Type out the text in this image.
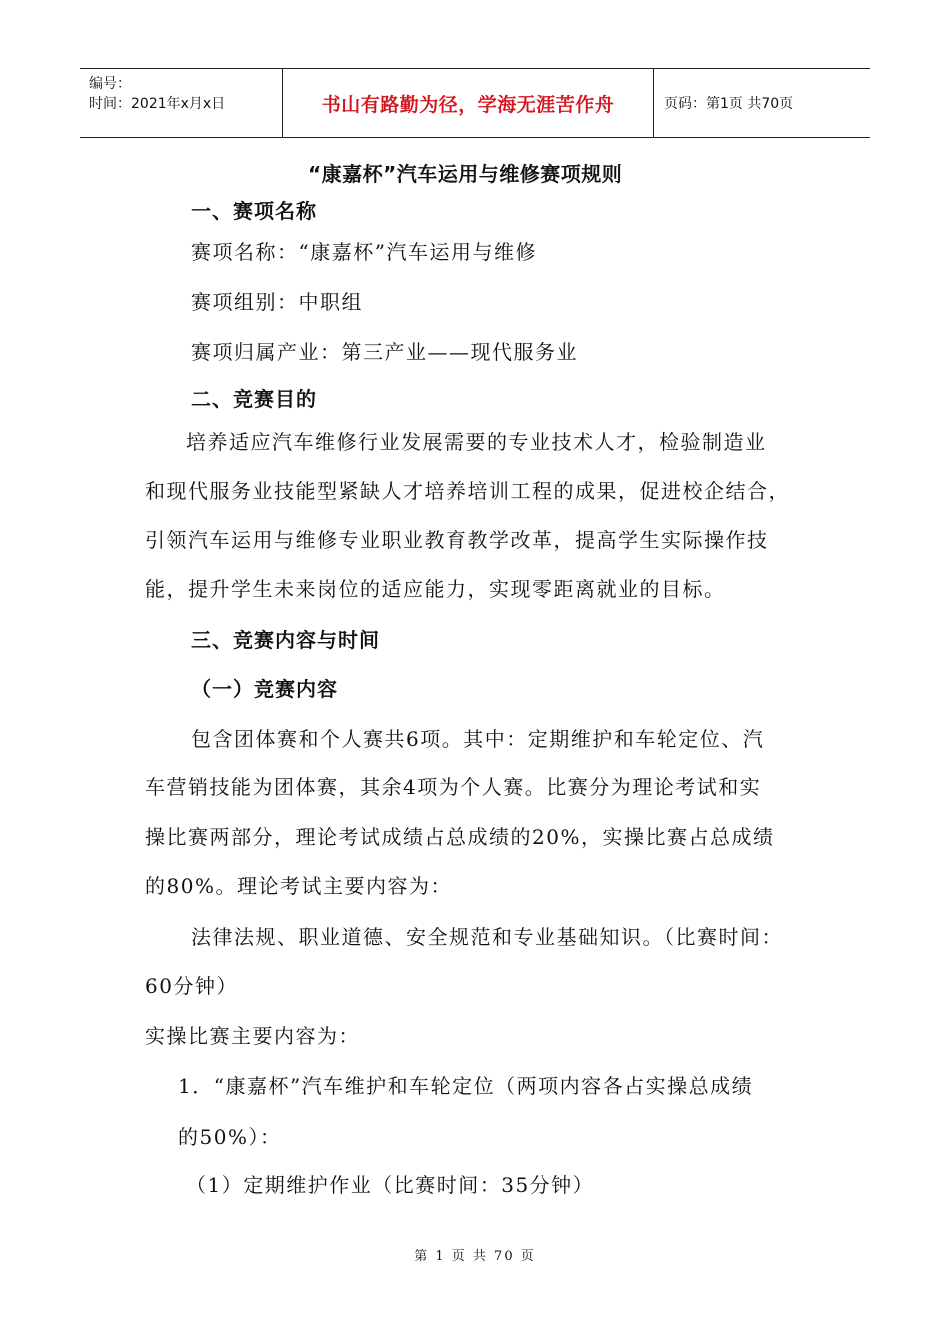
编号：
时间：2021年x月x日	书山有路勤为径，学海无涯苦作舟	页码：第1页 共70页
“康嘉杯”汽车运用与维修赛项规则
一、赛项名称
赛项名称：“康嘉杯”汽车运用与维修
赛项组别：中职组
赛项归属产业：第三产业——现代服务业
二、竞赛目的
培养适应汽车维修行业发展需要的专业技术人才，检验制造业
和现代服务业技能型紧缺人才培养培训工程的成果，促进校企结合，
引领汽车运用与维修专业职业教育教学改革，提高学生实际操作技
能，提升学生未来岗位的适应能力，实现零距离就业的目标。
三、竞赛内容与时间
（一）竞赛内容
包含团体赛和个人赛共6项。其中：定期维护和车轮定位、汽
车营销技能为团体赛，其余4项为个人赛。比赛分为理论考试和实
操比赛两部分，理论考试成绩占总成绩的20%，实操比赛占总成绩
的80%。理论考试主要内容为：
法律法规、职业道德、安全规范和专业基础知识。（比赛时间：
60分钟）
实操比赛主要内容为：
1．“康嘉杯”汽车维护和车轮定位（两项内容各占实操总成绩
的50%）：
（1）定期维护作业（比赛时间：35分钟）
第 1 页 共 70 页
